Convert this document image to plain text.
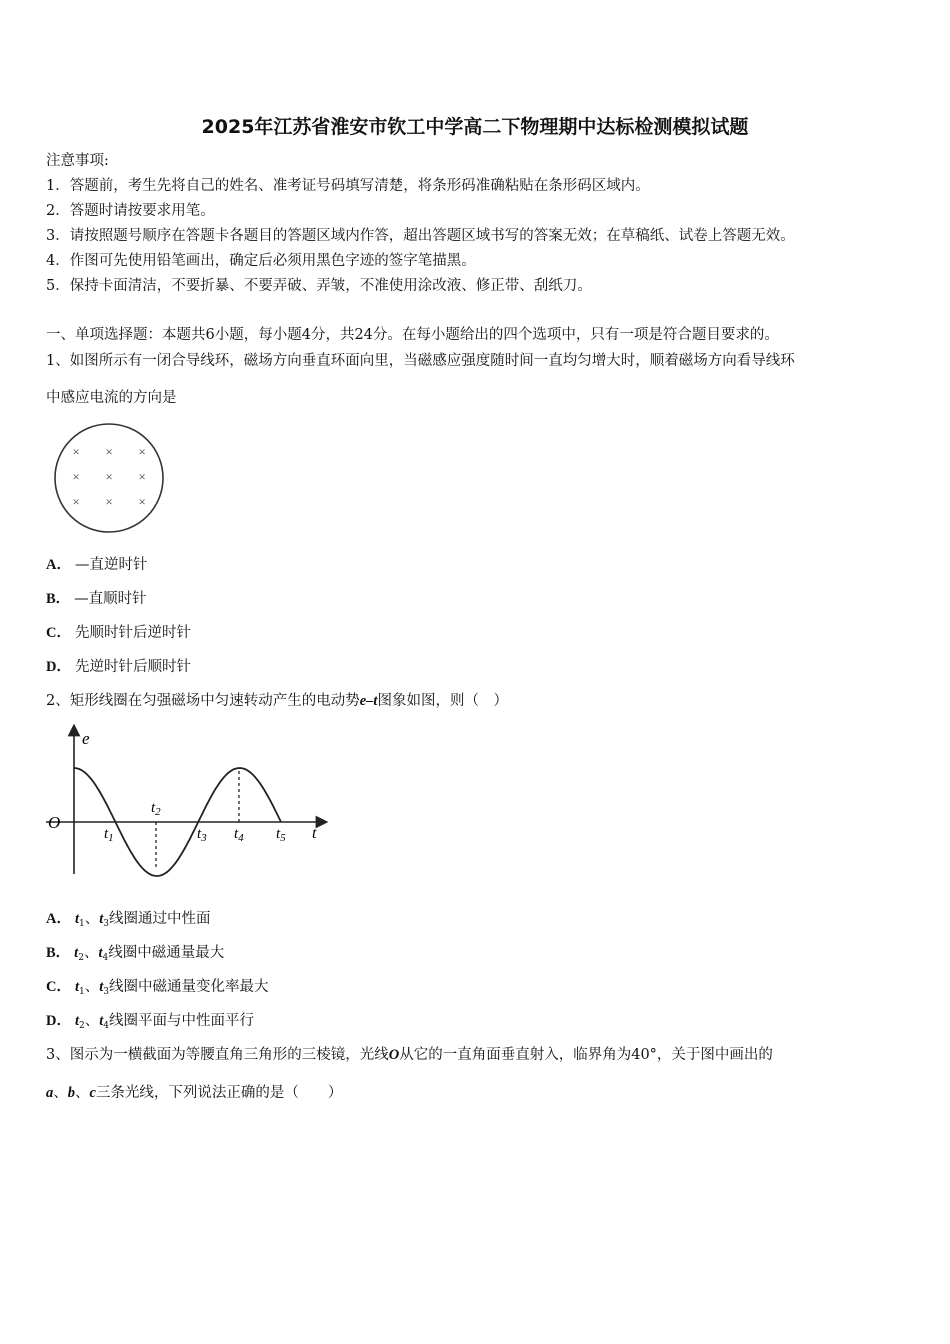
2025年江苏省淮安市钦工中学高二下物理期中达标检测模拟试题
注意事项:
1．答题前，考生先将自己的姓名、准考证号码填写清楚，将条形码准确粘贴在条形码区域内。
2．答题时请按要求用笔。
3．请按照题号顺序在答题卡各题目的答题区域内作答，超出答题区域书写的答案无效；在草稿纸、试卷上答题无效。
4．作图可先使用铅笔画出，确定后必须用黑色字迹的签字笔描黑。
5．保持卡面清洁，不要折暴、不要弄破、弄皱，不准使用涂改液、修正带、刮纸刀。
一、单项选择题：本题共6小题，每小题4分，共24分。在每小题给出的四个选项中，只有一项是符合题目要求的。
1、如图所示有一闭合导线环，磁场方向垂直环面向里，当磁感应强度随时间一直均匀增大时，顺着磁场方向看导线环
中感应电流的方向是
× × ×
× × ×
× × ×
A． —直逆时针
B． —直顺时针
C． 先顺时针后逆时针
D． 先逆时针后顺时针
2、矩形线圈在匀强磁场中匀速转动产生的电动势e–t图象如图，则（　）
e
O
t
$t_1$
$t_2$
$t_3$ $t_4$ $t_5$
A． $t_1$、$t_3$线圈通过中性面
B． $t_2$、$t_4$线圈中磁通量最大
C． $t_1$、$t_3$线圈中磁通量变化率最大
D． $t_2$、$t_4$线圈平面与中性面平行
3、图示为一横截面为等腰直角三角形的三棱镜，光线O从它的一直角面垂直射入，临界角为40°，关于图中画出的
a、b、c三条光线，下列说法正确的是（　　）
